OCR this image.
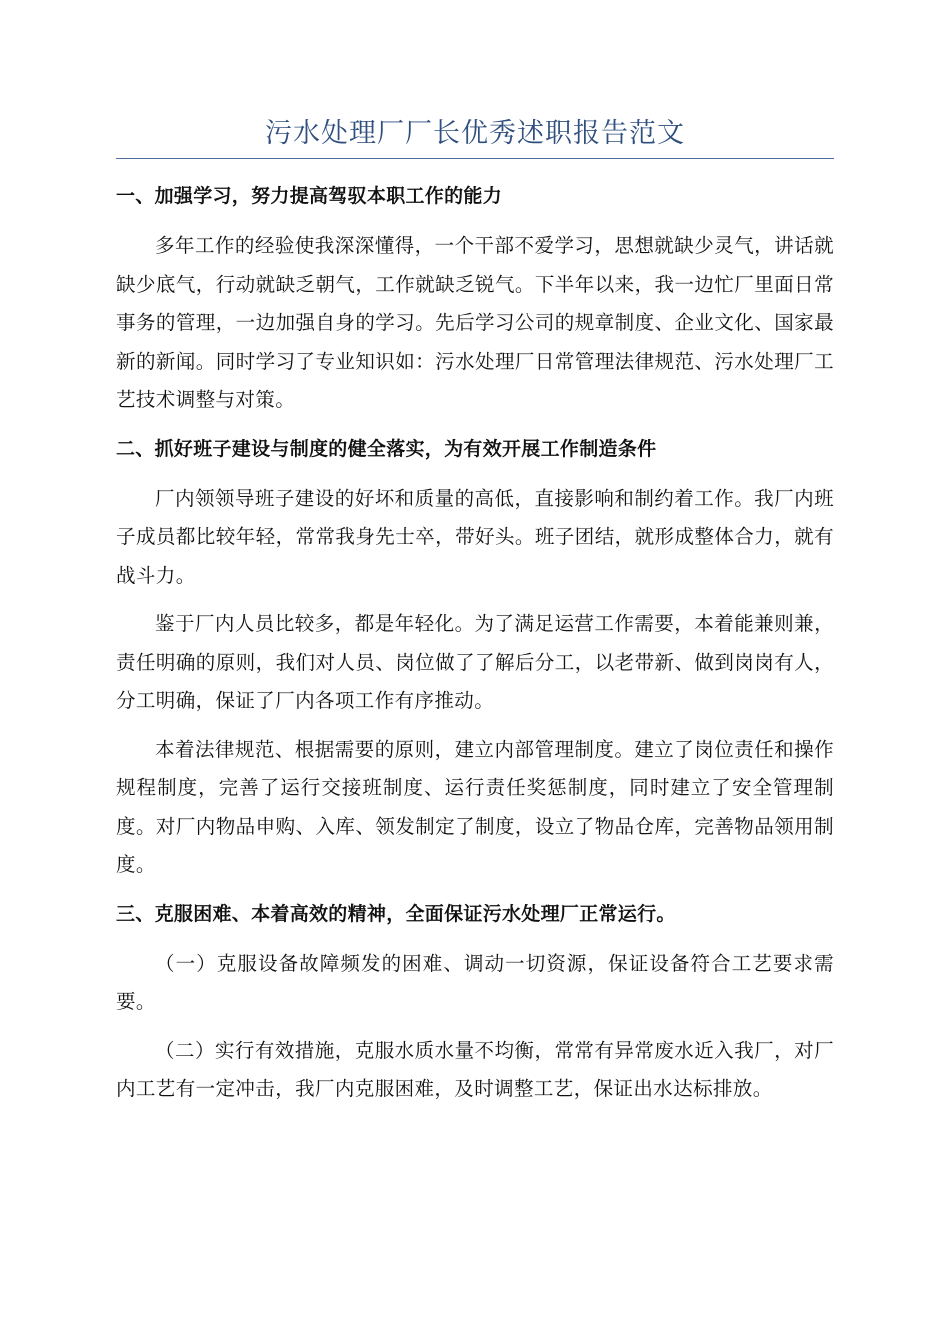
污水处理厂厂长优秀述职报告范文
一、加强学习，努力提高驾驭本职工作的能力

多年工作的经验使我深深懂得，一个干部不爱学习，思想就缺少灵气，讲话就缺少底气，行动就缺乏朝气，工作就缺乏锐气。下半年以来，我一边忙厂里面日常事务的管理，一边加强自身的学习。先后学习公司的规章制度、企业文化、国家最新的新闻。同时学习了专业知识如：污水处理厂日常管理法律规范、污水处理厂工艺技术调整与对策。

二、抓好班子建设与制度的健全落实，为有效开展工作制造条件

厂内领领导班子建设的好坏和质量的高低，直接影响和制约着工作。我厂内班子成员都比较年轻，常常我身先士卒，带好头。班子团结，就形成整体合力，就有战斗力。

鉴于厂内人员比较多，都是年轻化。为了满足运营工作需要，本着能兼则兼，责任明确的原则，我们对人员、岗位做了了解后分工，以老带新、做到岗岗有人，分工明确，保证了厂内各项工作有序推动。

本着法律规范、根据需要的原则，建立内部管理制度。建立了岗位责任和操作规程制度，完善了运行交接班制度、运行责任奖惩制度，同时建立了安全管理制度。对厂内物品申购、入库、领发制定了制度，设立了物品仓库，完善物品领用制度。

三、克服困难、本着高效的精神，全面保证污水处理厂正常运行。

（一）克服设备故障频发的困难、调动一切资源，保证设备符合工艺要求需要。

（二）实行有效措施，克服水质水量不均衡，常常有异常废水近入我厂，对厂内工艺有一定冲击，我厂内克服困难，及时调整工艺，保证出水达标排放。
